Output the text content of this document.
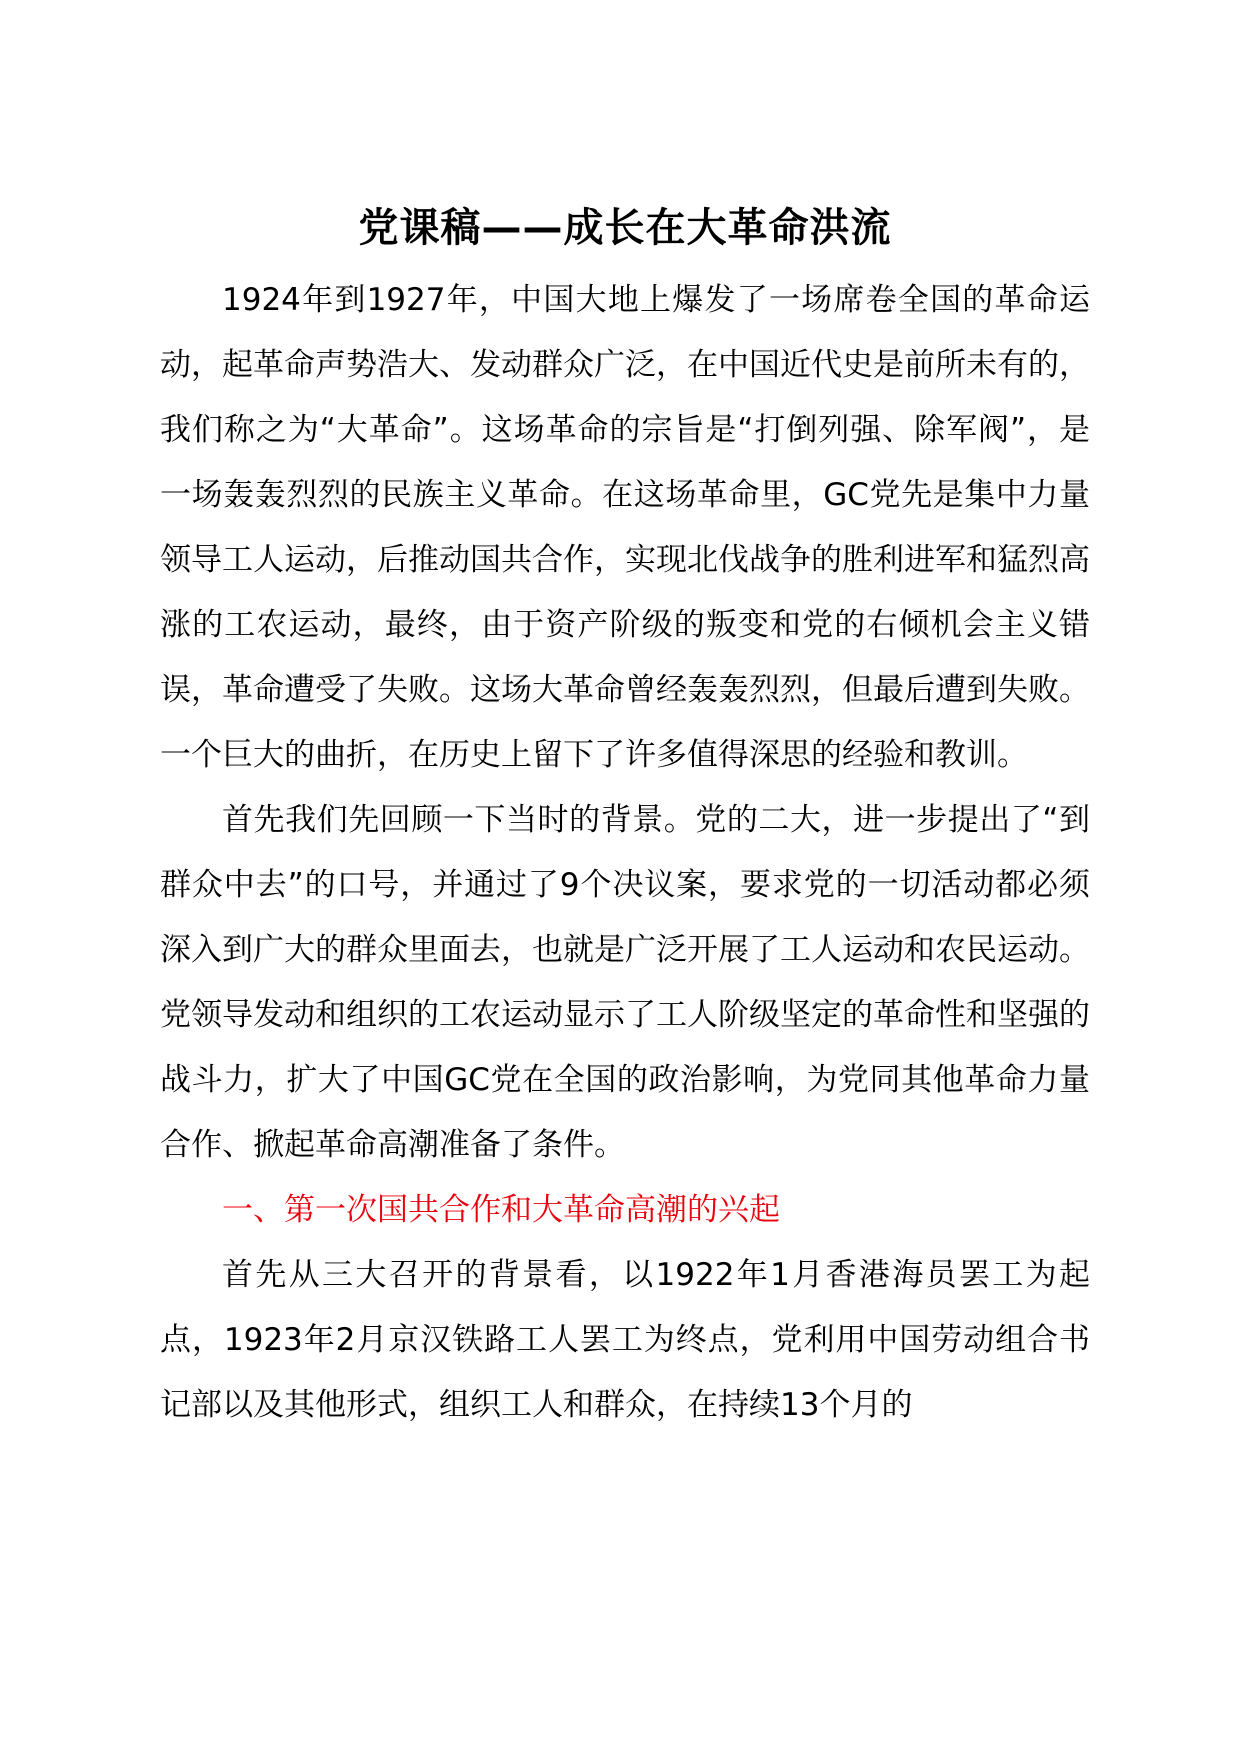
党课稿——成长在大革命洪流

1924年到1927年，中国大地上爆发了一场席卷全国的革命运动，起革命声势浩大、发动群众广泛，在中国近代史是前所未有的，我们称之为“大革命”。这场革命的宗旨是“打倒列强、除军阀”，是一场轰轰烈烈的民族主义革命。在这场革命里，GC党先是集中力量领导工人运动，后推动国共合作，实现北伐战争的胜利进军和猛烈高涨的工农运动，最终，由于资产阶级的叛变和党的右倾机会主义错误，革命遭受了失败。这场大革命曾经轰轰烈烈，但最后遭到失败。一个巨大的曲折，在历史上留下了许多值得深思的经验和教训。

首先我们先回顾一下当时的背景。党的二大，进一步提出了“到群众中去”的口号，并通过了9个决议案，要求党的一切活动都必须深入到广大的群众里面去，也就是广泛开展了工人运动和农民运动。党领导发动和组织的工农运动显示了工人阶级坚定的革命性和坚强的战斗力，扩大了中国GC党在全国的政治影响，为党同其他革命力量合作、掀起革命高潮准备了条件。

一、第一次国共合作和大革命高潮的兴起

首先从三大召开的背景看，以1922年1月香港海员罢工为起点，1923年2月京汉铁路工人罢工为终点，党利用中国劳动组合书记部以及其他形式，组织工人和群众，在持续13个月的
